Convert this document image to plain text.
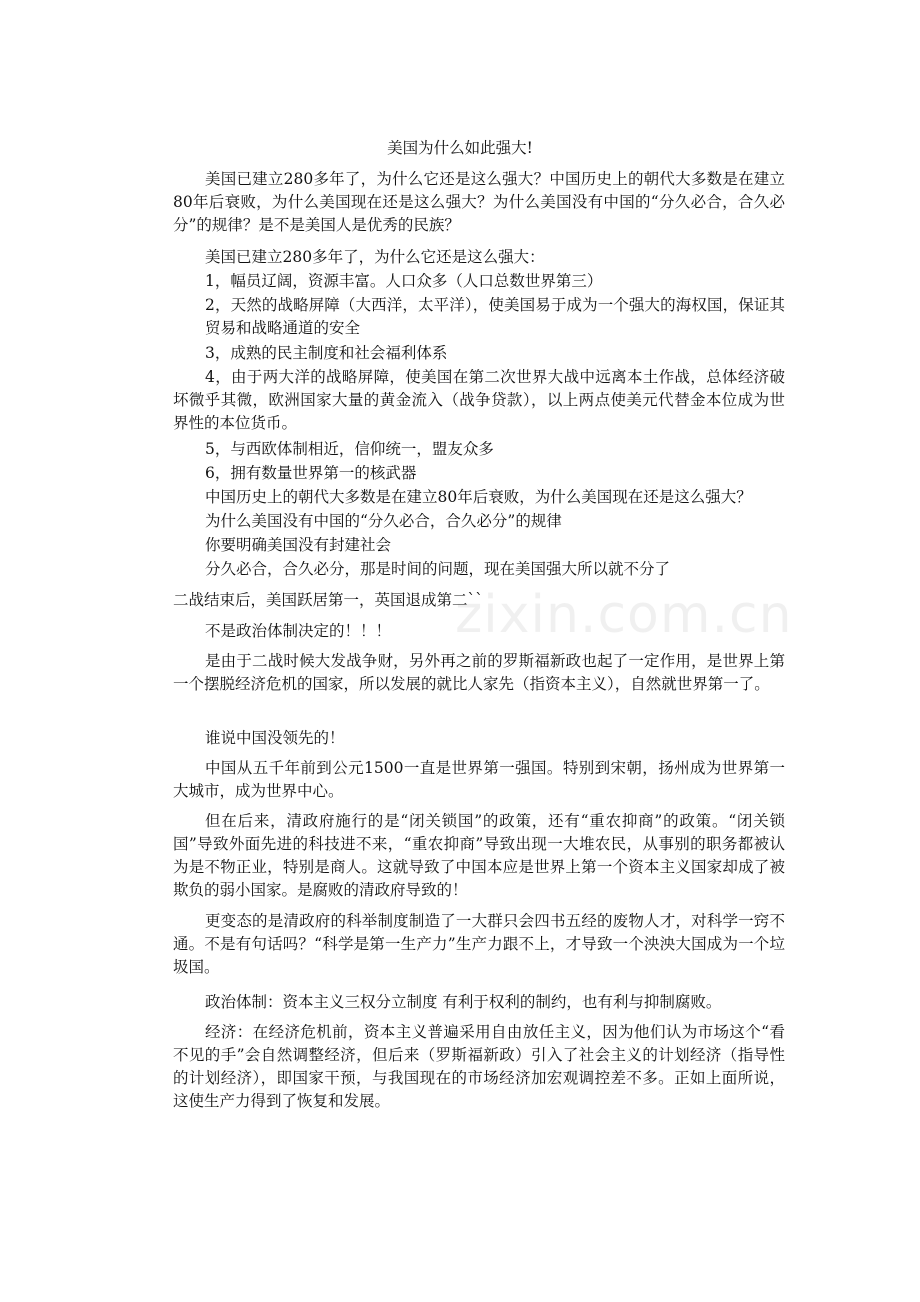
zixin.com.cn
美国为什么如此强大!
美国已建立280多年了，为什么它还是这么强大？中国历史上的朝代大多数是在建立80年后衰败，为什么美国现在还是这么强大？为什么美国没有中国的“分久必合，合久必分”的规律？是不是美国人是优秀的民族？
美国已建立280多年了，为什么它还是这么强大：
1，幅员辽阔，资源丰富。人口众多（人口总数世界第三）
2，天然的战略屏障（大西洋，太平洋），使美国易于成为一个强大的海权国，保证其贸易和战略通道的安全
3，成熟的民主制度和社会福利体系
4，由于两大洋的战略屏障，使美国在第二次世界大战中远离本土作战，总体经济破坏微乎其微，欧洲国家大量的黄金流入（战争贷款），以上两点使美元代替金本位成为世界性的本位货币。
5，与西欧体制相近，信仰统一，盟友众多
6，拥有数量世界第一的核武器
中国历史上的朝代大多数是在建立80年后衰败，为什么美国现在还是这么强大？
为什么美国没有中国的“分久必合，合久必分”的规律
你要明确美国没有封建社会
分久必合，合久必分，那是时间的问题，现在美国强大所以就不分了
二战结束后，美国跃居第一，英国退成第二``
不是政治体制决定的！！！
是由于二战时候大发战争财，另外再之前的罗斯福新政也起了一定作用，是世界上第一个摆脱经济危机的国家，所以发展的就比人家先（指资本主义），自然就世界第一了。
谁说中国没领先的！
中国从五千年前到公元1500一直是世界第一强国。特别到宋朝，扬州成为世界第一大城市，成为世界中心。
但在后来，清政府施行的是“闭关锁国”的政策，还有“重农抑商”的政策。“闭关锁国”导致外面先进的科技进不来，“重农抑商”导致出现一大堆农民，从事别的职务都被认为是不物正业，特别是商人。这就导致了中国本应是世界上第一个资本主义国家却成了被欺负的弱小国家。是腐败的清政府导致的！
更变态的是清政府的科举制度制造了一大群只会四书五经的废物人才，对科学一窍不通。不是有句话吗？“科学是第一生产力”生产力跟不上，才导致一个泱泱大国成为一个垃圾国。
政治体制：资本主义三权分立制度 有利于权利的制约，也有利与抑制腐败。
经济：在经济危机前，资本主义普遍采用自由放任主义，因为他们认为市场这个“看不见的手”会自然调整经济，但后来（罗斯福新政）引入了社会主义的计划经济（指导性的计划经济），即国家干预，与我国现在的市场经济加宏观调控差不多。正如上面所说，这使生产力得到了恢复和发展。
